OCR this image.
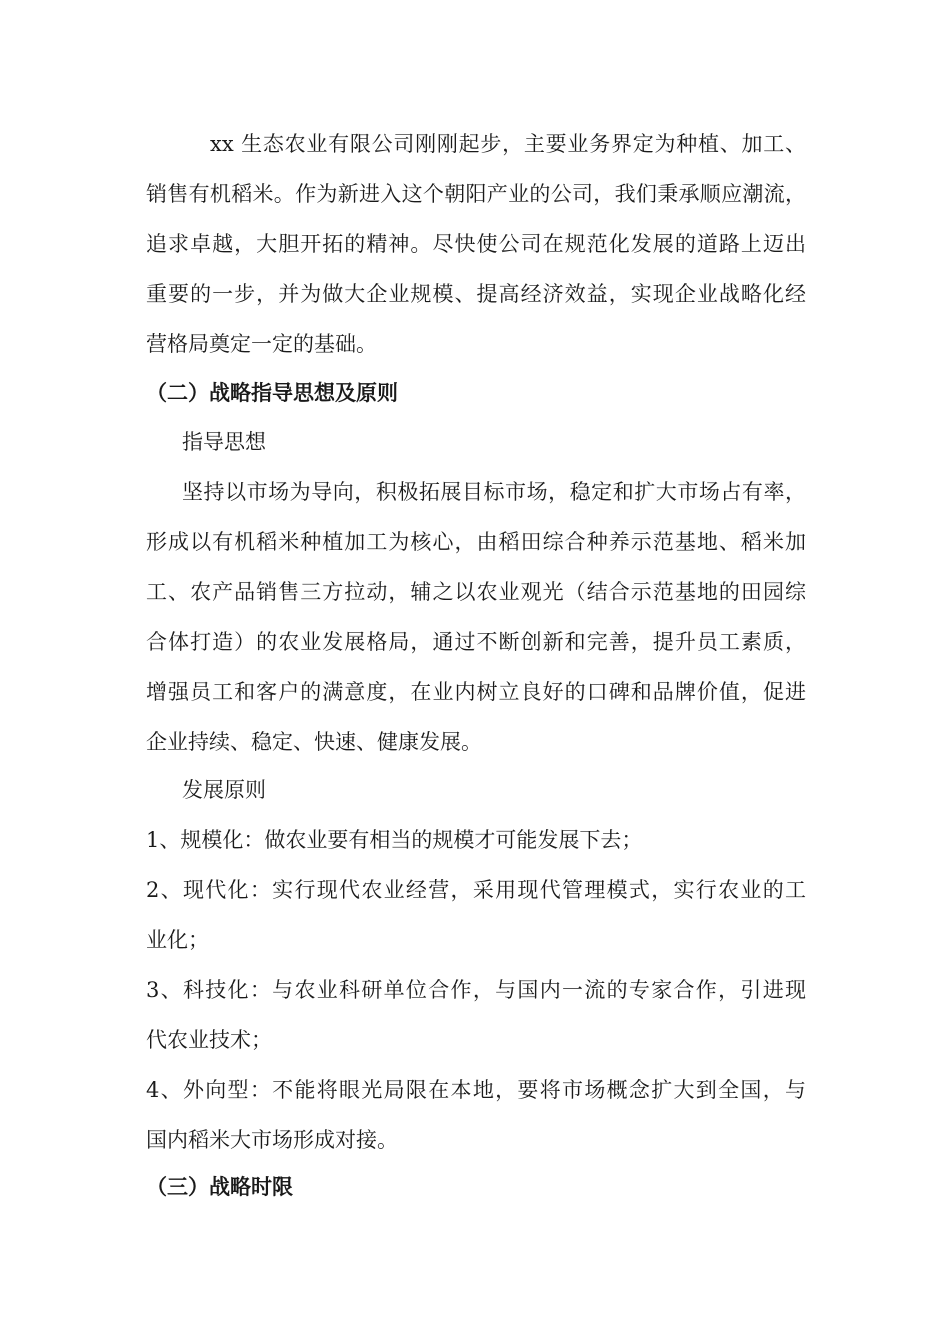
xx 生态农业有限公司刚刚起步，主要业务界定为种植、加工、
销售有机稻米。作为新进入这个朝阳产业的公司，我们秉承顺应潮流，
追求卓越，大胆开拓的精神。尽快使公司在规范化发展的道路上迈出
重要的一步，并为做大企业规模、提高经济效益，实现企业战略化经
营格局奠定一定的基础。
（二）战略指导思想及原则
指导思想
坚持以市场为导向，积极拓展目标市场，稳定和扩大市场占有率，
形成以有机稻米种植加工为核心，由稻田综合种养示范基地、稻米加
工、农产品销售三方拉动，辅之以农业观光（结合示范基地的田园综
合体打造）的农业发展格局，通过不断创新和完善，提升员工素质，
增强员工和客户的满意度，在业内树立良好的口碑和品牌价值，促进
企业持续、稳定、快速、健康发展。
发展原则
1、规模化：做农业要有相当的规模才可能发展下去；
2、现代化：实行现代农业经营，采用现代管理模式，实行农业的工
业化；
3、科技化：与农业科研单位合作，与国内一流的专家合作，引进现
代农业技术；
4、外向型：不能将眼光局限在本地，要将市场概念扩大到全国，与
国内稻米大市场形成对接。
（三）战略时限
